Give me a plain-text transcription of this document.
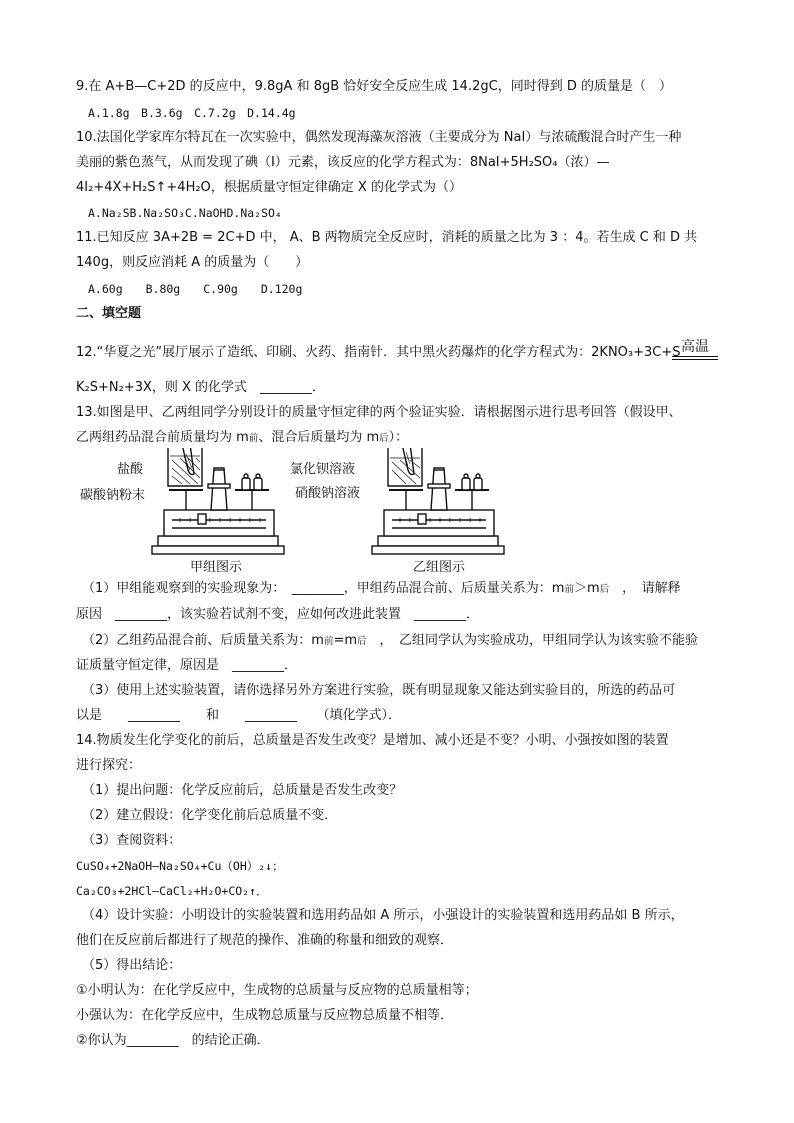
9.在 A+B—C+2D 的反应中，9.8gA 和 8gB 恰好安全反应生成 14.2gC，同时得到 D 的质量是（　）
A.1.8g　B.3.6g　C.7.2g　D.14.4g
10.法国化学家库尔特瓦在一次实验中，偶然发现海藻灰溶液（主要成分为 NaI）与浓硫酸混合时产生一种
美丽的紫色蒸气，从而发现了碘（I）元素，该反应的化学方程式为：8NaI+5H₂SO₄（浓）—
4I₂+4X+H₂S↑+4H₂O，根据质量守恒定律确定 X 的化学式为（）
A.Na₂SB.Na₂SO₃C.NaOHD.Na₂SO₄
11.已知反应 3A+2B = 2C+D 中， A、B 两物质完全反应时，消耗的质量之比为 3 ：4。若生成 C 和 D 共
140g，则反应消耗 A 的质量为（　　）
A.60g　　B.80g　　C.90g　　D.120g
二、填空题
12.“华夏之光”展厅展示了造纸、印刷、火药、指南针．其中黑火药爆炸的化学方程式为：2KNO₃+3C+S 高温
K₂S+N₂+3X，则 X 的化学式　________．
13.如图是甲、乙两组同学分别设计的质量守恒定律的两个验证实验．请根据图示进行思考回答（假设甲、
乙两组药品混合前质量均为 m前、混合后质量均为 m后）：
盐酸
碳酸钠粉末
氯化钡溶液
硝酸钠溶液
甲组图示	乙组图示
（1）甲组能观察到的实验现象为：　________，甲组药品混合前、后质量关系为：m前＞m后　，　请解释
原因　________，该实验若试剂不变，应如何改进此装置　________．
（2）乙组药品混合前、后质量关系为：m前=m后　，　乙组同学认为实验成功，甲组同学认为该实验不能验
证质量守恒定律，原因是　________．
（3）使用上述实验装置，请你选择另外方案进行实验，既有明显现象又能达到实验目的，所选的药品可
以是　　________　　和　　________　　（填化学式）．
14.物质发生化学变化的前后，总质量是否发生改变？是增加、减小还是不变？小明、小强按如图的装置
进行探究：
（1）提出问题：化学反应前后，总质量是否发生改变？
（2）建立假设：化学变化前后总质量不变．
（3）查阅资料：
CuSO₄+2NaOH—Na₂SO₄+Cu（OH）₂↓；
Ca₂CO₃+2HCl—CaCl₂+H₂O+CO₂↑．
（4）设计实验：小明设计的实验装置和选用药品如 A 所示，小强设计的实验装置和选用药品如 B 所示，
他们在反应前后都进行了规范的操作、准确的称量和细致的观察．
（5）得出结论：
①小明认为：在化学反应中，生成物的总质量与反应物的总质量相等；
小强认为：在化学反应中，生成物总质量与反应物总质量不相等．
②你认为________　的结论正确．
